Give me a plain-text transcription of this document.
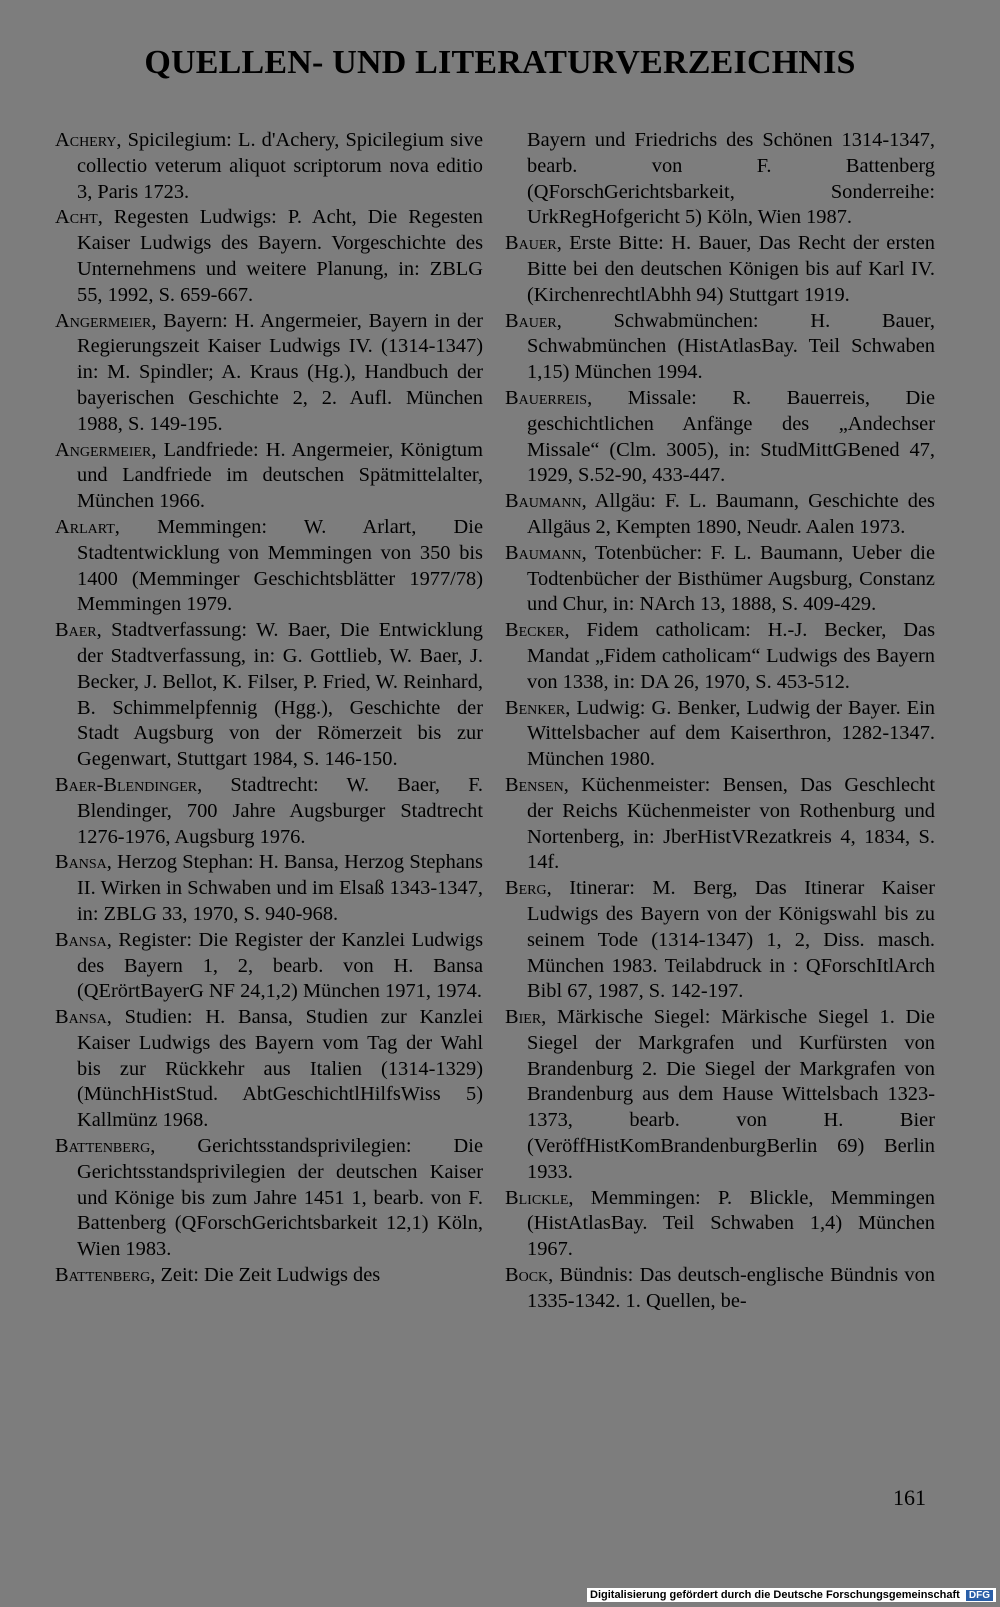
QUELLEN- UND LITERATURVERZEICHNIS

Achery, Spicilegium: L. d'Achery, Spicilegium sive collectio veterum aliquot scriptorum nova editio 3, Paris 1723.

Acht, Regesten Ludwigs: P. Acht, Die Regesten Kaiser Ludwigs des Bayern. Vorgeschichte des Unternehmens und weitere Planung, in: ZBLG 55, 1992, S. 659-667.

Angermeier, Bayern: H. Angermeier, Bayern in der Regierungszeit Kaiser Ludwigs IV. (1314-1347) in: M. Spindler; A. Kraus (Hg.), Handbuch der bayerischen Geschichte 2, 2. Aufl. München 1988, S. 149-195.

Angermeier, Landfriede: H. Angermeier, Königtum und Landfriede im deutschen Spätmittelalter, München 1966.

Arlart, Memmingen: W. Arlart, Die Stadtentwicklung von Memmingen von 350 bis 1400 (Memminger Geschichtsblätter 1977/78) Memmingen 1979.

Baer, Stadtverfassung: W. Baer, Die Entwicklung der Stadtverfassung, in: G. Gottlieb, W. Baer, J. Becker, J. Bellot, K. Filser, P. Fried, W. Reinhard, B. Schimmelpfennig (Hgg.), Geschichte der Stadt Augsburg von der Römerzeit bis zur Gegenwart, Stuttgart 1984, S. 146-150.

Baer-Blendinger, Stadtrecht: W. Baer, F. Blendinger, 700 Jahre Augsburger Stadtrecht 1276-1976, Augsburg 1976.

Bansa, Herzog Stephan: H. Bansa, Herzog Stephans II. Wirken in Schwaben und im Elsaß 1343-1347, in: ZBLG 33, 1970, S. 940-968.

Bansa, Register: Die Register der Kanzlei Ludwigs des Bayern 1, 2, bearb. von H. Bansa (QErörtBayerG NF 24,1,2) München 1971, 1974.

Bansa, Studien: H. Bansa, Studien zur Kanzlei Kaiser Ludwigs des Bayern vom Tag der Wahl bis zur Rückkehr aus Italien (1314-1329) (MünchHistStud. AbtGeschichtlHilfsWiss 5) Kallmünz 1968.

Battenberg, Gerichtsstandsprivilegien: Die Gerichtsstandsprivilegien der deutschen Kaiser und Könige bis zum Jahre 1451 1, bearb. von F. Battenberg (QForschGerichtsbarkeit 12,1) Köln, Wien 1983.

Battenberg, Zeit: Die Zeit Ludwigs des

Bayern und Friedrichs des Schönen 1314-1347, bearb. von F. Battenberg (QForschGerichtsbarkeit, Sonderreihe: UrkRegHofgericht 5) Köln, Wien 1987.

Bauer, Erste Bitte: H. Bauer, Das Recht der ersten Bitte bei den deutschen Königen bis auf Karl IV. (KirchenrechtlAbhh 94) Stuttgart 1919.

Bauer, Schwabmünchen: H. Bauer, Schwabmünchen (HistAtlasBay. Teil Schwaben 1,15) München 1994.

Bauerreis, Missale: R. Bauerreis, Die geschichtlichen Anfänge des „Andechser Missale“ (Clm. 3005), in: StudMittGBened 47, 1929, S.52-90, 433-447.

Baumann, Allgäu: F. L. Baumann, Geschichte des Allgäus 2, Kempten 1890, Neudr. Aalen 1973.

Baumann, Totenbücher: F. L. Baumann, Ueber die Todtenbücher der Bisthümer Augsburg, Constanz und Chur, in: NArch 13, 1888, S. 409-429.

Becker, Fidem catholicam: H.-J. Becker, Das Mandat „Fidem catholicam“ Ludwigs des Bayern von 1338, in: DA 26, 1970, S. 453-512.

Benker, Ludwig: G. Benker, Ludwig der Bayer. Ein Wittelsbacher auf dem Kaiserthron, 1282-1347. München 1980.

Bensen, Küchenmeister: Bensen, Das Geschlecht der Reichs Küchenmeister von Rothenburg und Nortenberg, in: JberHistVRezatkreis 4, 1834, S. 14f.

Berg, Itinerar: M. Berg, Das Itinerar Kaiser Ludwigs des Bayern von der Königswahl bis zu seinem Tode (1314-1347) 1, 2, Diss. masch. München 1983. Teilabdruck in : QForschItlArch Bibl 67, 1987, S. 142-197.

Bier, Märkische Siegel: Märkische Siegel 1. Die Siegel der Markgrafen und Kurfürsten von Brandenburg 2. Die Siegel der Markgrafen von Brandenburg aus dem Hause Wittelsbach 1323-1373, bearb. von H. Bier (VeröffHistKomBrandenburgBerlin 69) Berlin 1933.

Blickle, Memmingen: P. Blickle, Memmingen (HistAtlasBay. Teil Schwaben 1,4) München 1967.

Bock, Bündnis: Das deutsch-englische Bündnis von 1335-1342. 1. Quellen, be-

161
Digitalisierung gefördert durch die Deutsche Forschungsgemeinschaft DFG
